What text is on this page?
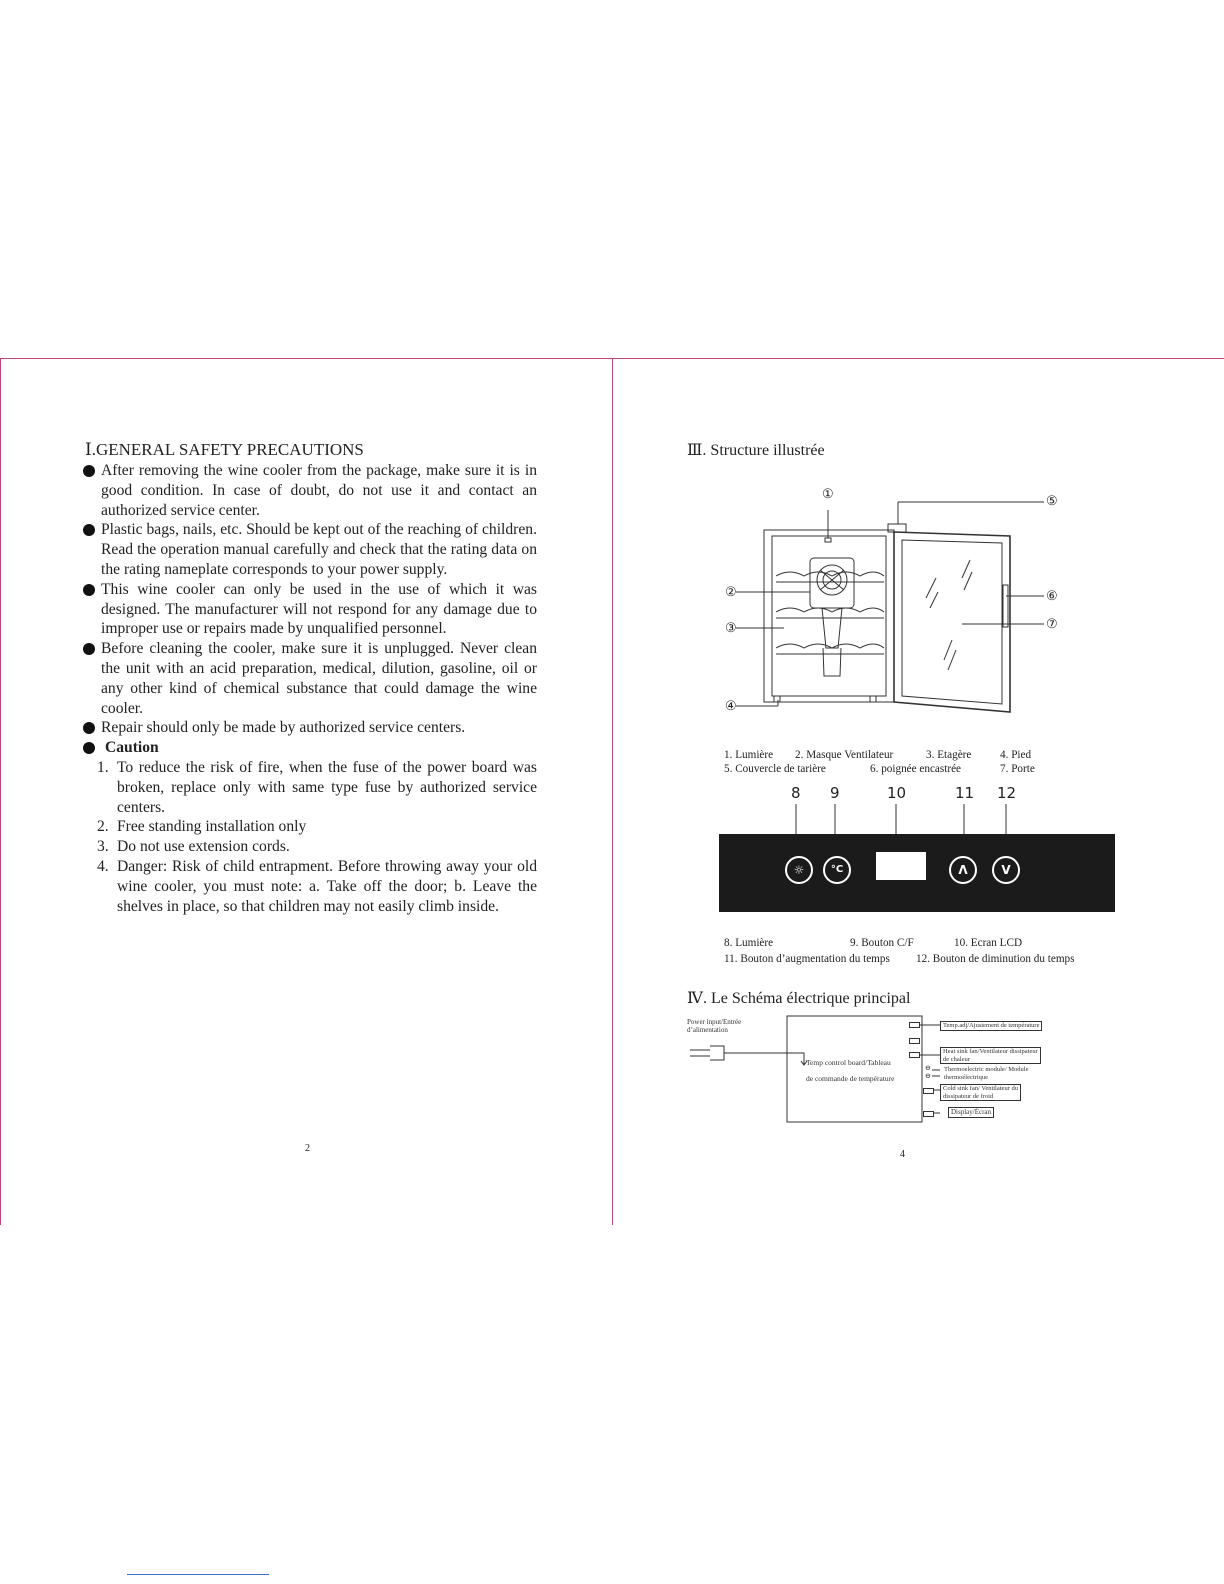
Ⅰ.GENERAL SAFETY PRECAUTIONS
After removing the wine cooler from the package, make sure it is in good condition. In case of doubt, do not use it and contact an authorized service center.
Plastic bags, nails, etc. Should be kept out of the reaching of children. Read the operation manual carefully and check that the rating data on the rating nameplate corresponds to your power supply.
This wine cooler can only be used in the use of which it was designed. The manufacturer will not respond for any damage due to improper use or repairs made by unqualified personnel.
Before cleaning the cooler, make sure it is unplugged. Never clean the unit with an acid preparation, medical, dilution, gasoline, oil or any other kind of chemical substance that could damage the wine cooler.
Repair should only be made by authorized service centers.
Caution
1. To reduce the risk of fire, when the fuse of the power board was broken, replace only with same type fuse by authorized service centers.
2. Free standing installation only
3. Do not use extension cords.
4. Danger: Risk of child entrapment. Before throwing away your old wine cooler, you must note: a. Take off the door; b. Leave the shelves in place, so that children may not easily climb inside.
2
Ⅲ. Structure illustrée
①
②
③
④
⑤
⑥
⑦
1. Lumière 2. Masque Ventilateur	3. Etagère	4. Pied
5. Couvercle de tarière	6. poignée encastrée	7. Porte
8 9	10	11 12
☼	°C	Λ	V
8. Lumière	9. Bouton C/F	10. Ecran LCD
11. Bouton d’augmentation du temps 12. Bouton de diminution du temps
Ⅳ. Le Schéma électrique principal
Power input/Entrée
d’alimentation
Temp control board/Tableau
de commande de température
⊖
⊖
Temp.adj/Ajustement de température
Heat sink fan/Ventilateur dissipateur
de chaleur
Thermoelectric module/ Module
thermoélectrique
Cold sink fan/ Ventilateur du
dissipateur de froid
Display/Écran
4
